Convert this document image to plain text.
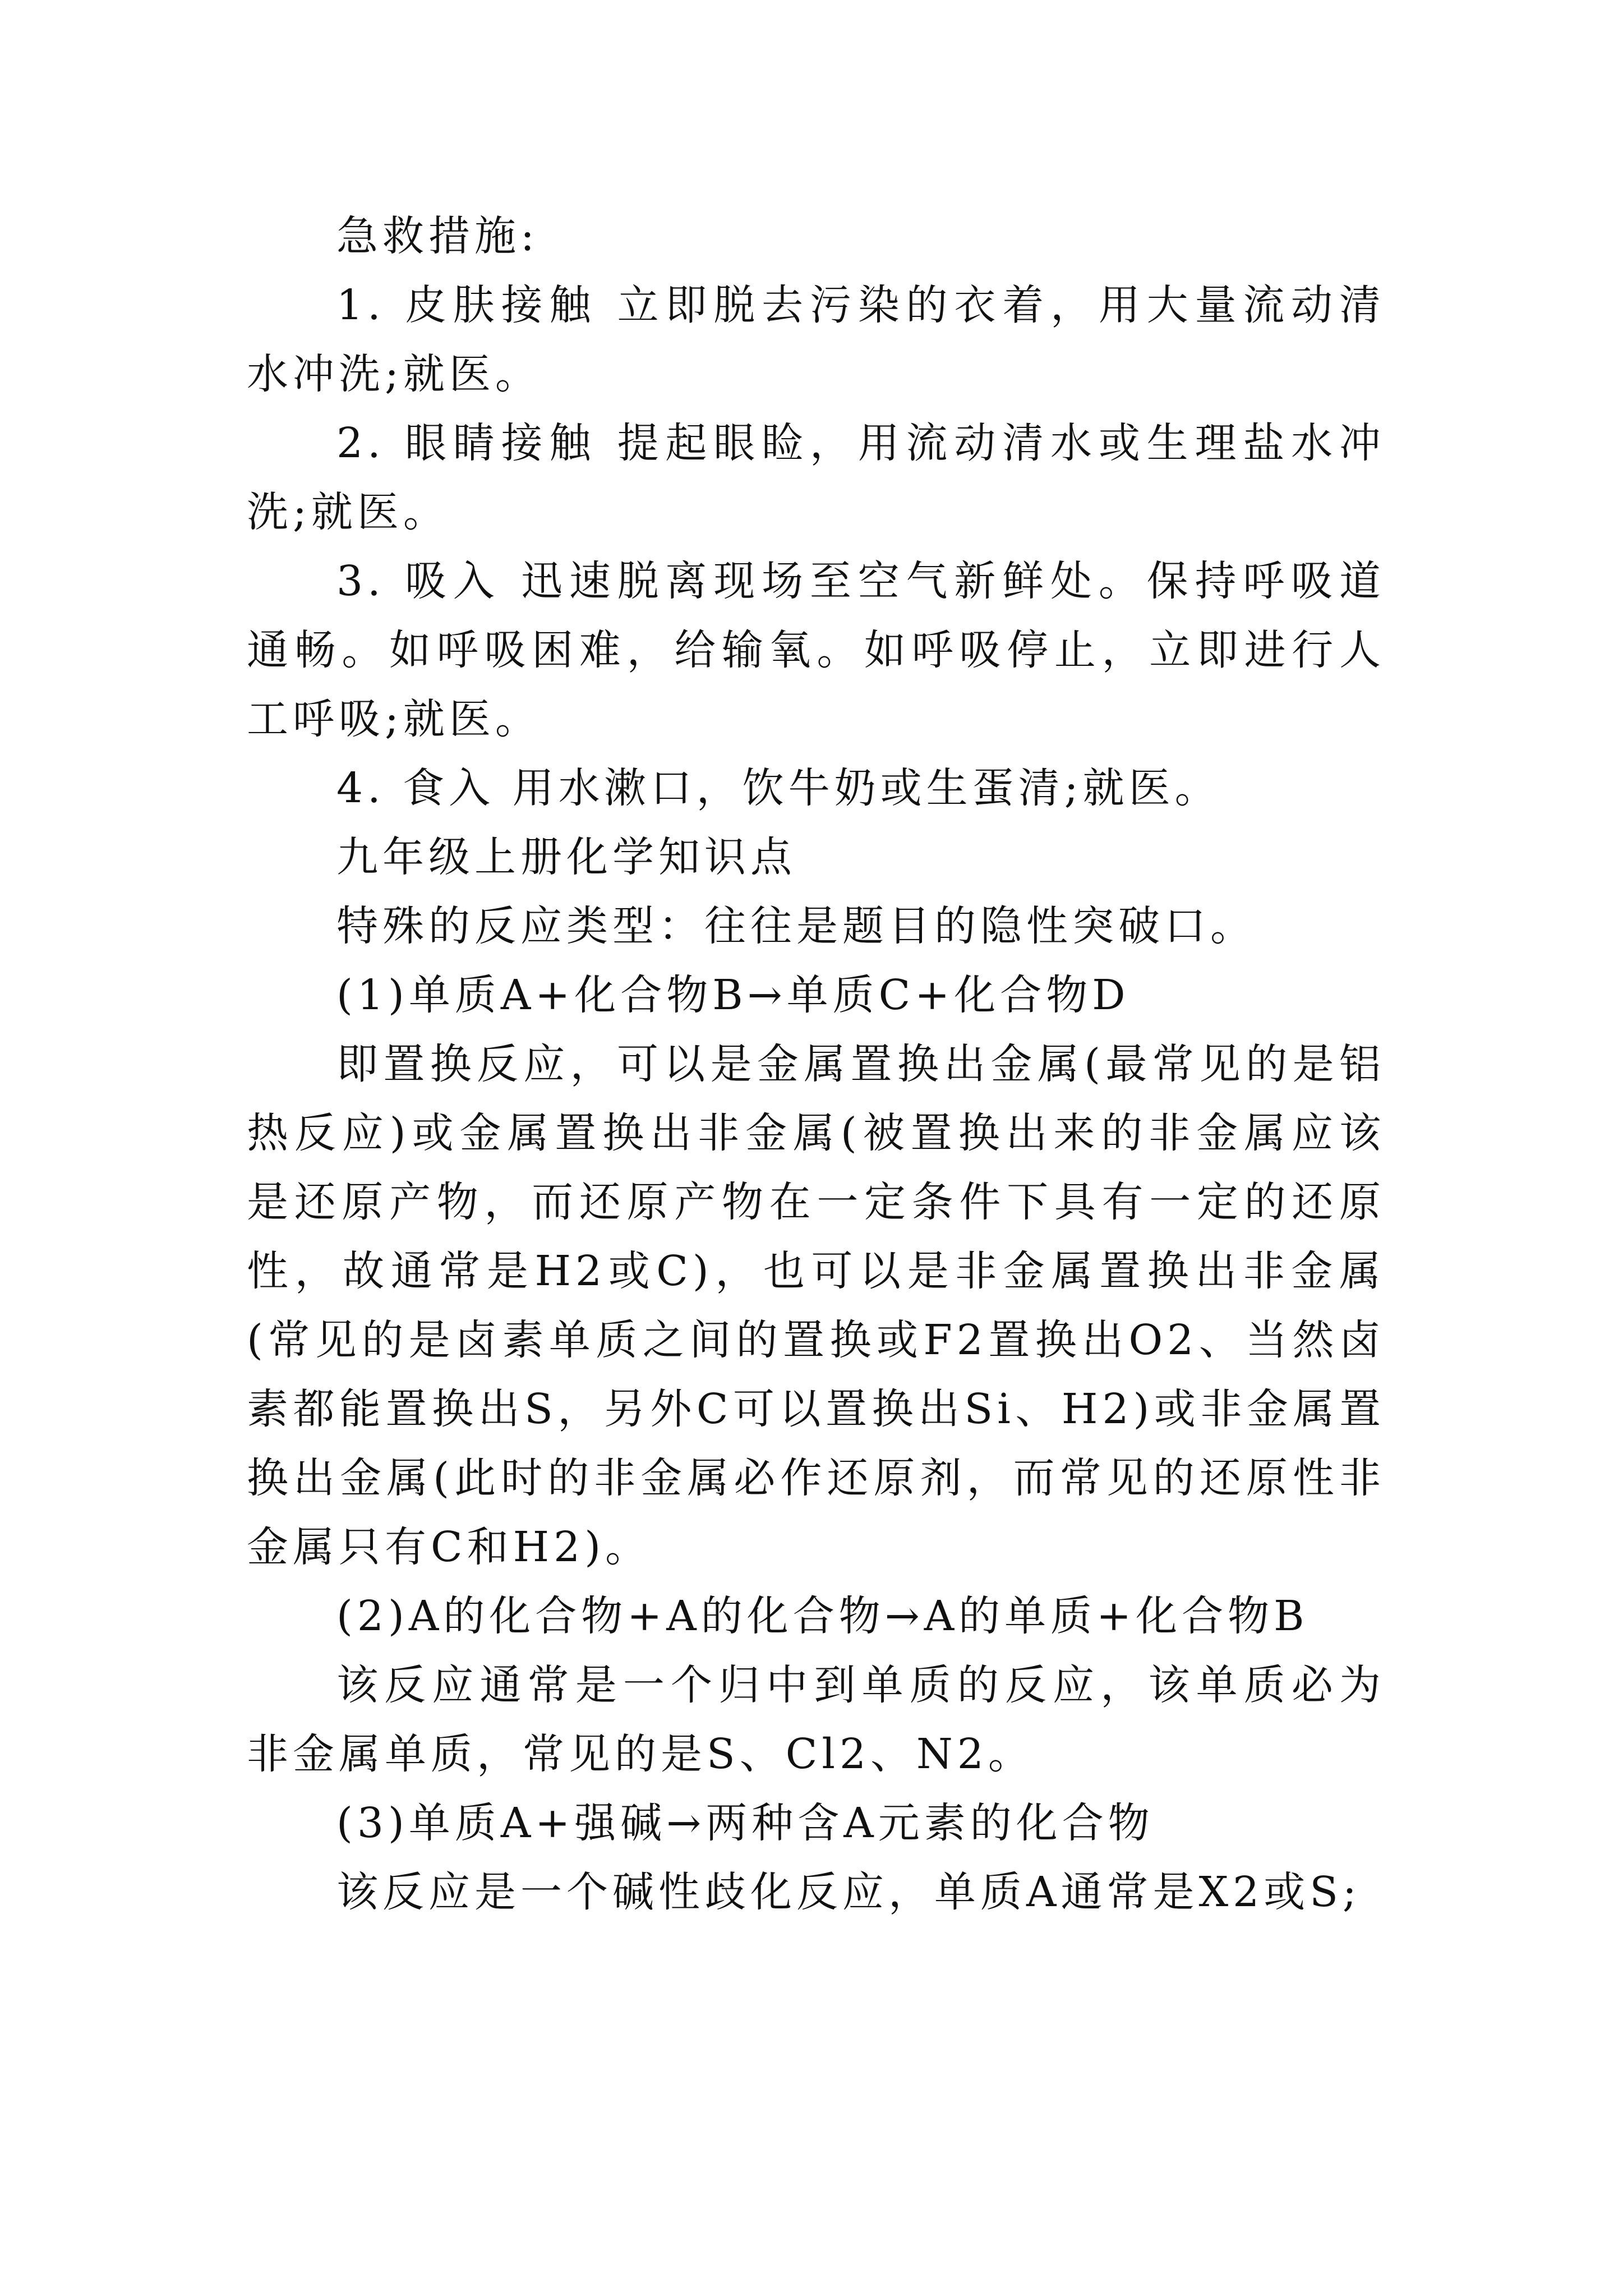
急救措施:

1. 皮肤接触 立即脱去污染的衣着，用大量流动清水冲洗;就医。

2. 眼睛接触 提起眼睑，用流动清水或生理盐水冲洗;就医。

3. 吸入 迅速脱离现场至空气新鲜处。保持呼吸道通畅。如呼吸困难，给输氧。如呼吸停止，立即进行人工呼吸;就医。

4. 食入 用水漱口，饮牛奶或生蛋清;就医。

九年级上册化学知识点

特殊的反应类型：往往是题目的隐性突破口。

(1)单质A+化合物B→单质C+化合物D

即置换反应，可以是金属置换出金属(最常见的是铝热反应)或金属置换出非金属(被置换出来的非金属应该是还原产物，而还原产物在一定条件下具有一定的还原性，故通常是H2或C)，也可以是非金属置换出非金属(常见的是卤素单质之间的置换或F2置换出O2、当然卤素都能置换出S，另外C可以置换出Si、H2)或非金属置换出金属(此时的非金属必作还原剂，而常见的还原性非金属只有C和H2)。

(2)A的化合物+A的化合物→A的单质+化合物B

该反应通常是一个归中到单质的反应，该单质必为非金属单质，常见的是S、Cl2、N2。

(3)单质A+强碱→两种含A元素的化合物

该反应是一个碱性歧化反应，单质A通常是X2或S;
